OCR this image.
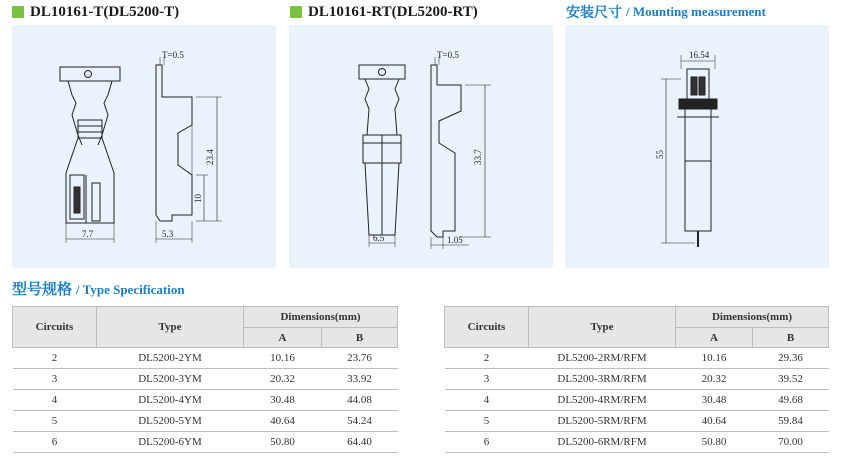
DL10161-T(DL5200-T)	DL10161-RT(DL5200-RT)	安装尺寸 / Mounting measurement
7.7
T=0.5
23.4
10
5.3	6.5
T=0.5
33.7
1.05
16.54
55
型号规格 / Type Specification
Circuits	Type	Dimensions(mm)	
		A	B
2	DL5200-2YM	10.16	23.76
3	DL5200-3YM	20.32	33.92
4	DL5200-4YM	30.48	44.08
5	DL5200-5YM	40.64	54.24
6	DL5200-6YM	50.80	64.40
Circuits	Type	Dimensions(mm)	
		A	B
2	DL5200-2RM/RFM	10.16	29.36
3	DL5200-3RM/RFM	20.32	39.52
4	DL5200-4RM/RFM	30.48	49.68
5	DL5200-5RM/RFM	40.64	59.84
6	DL5200-6RM/RFM	50.80	70.00
